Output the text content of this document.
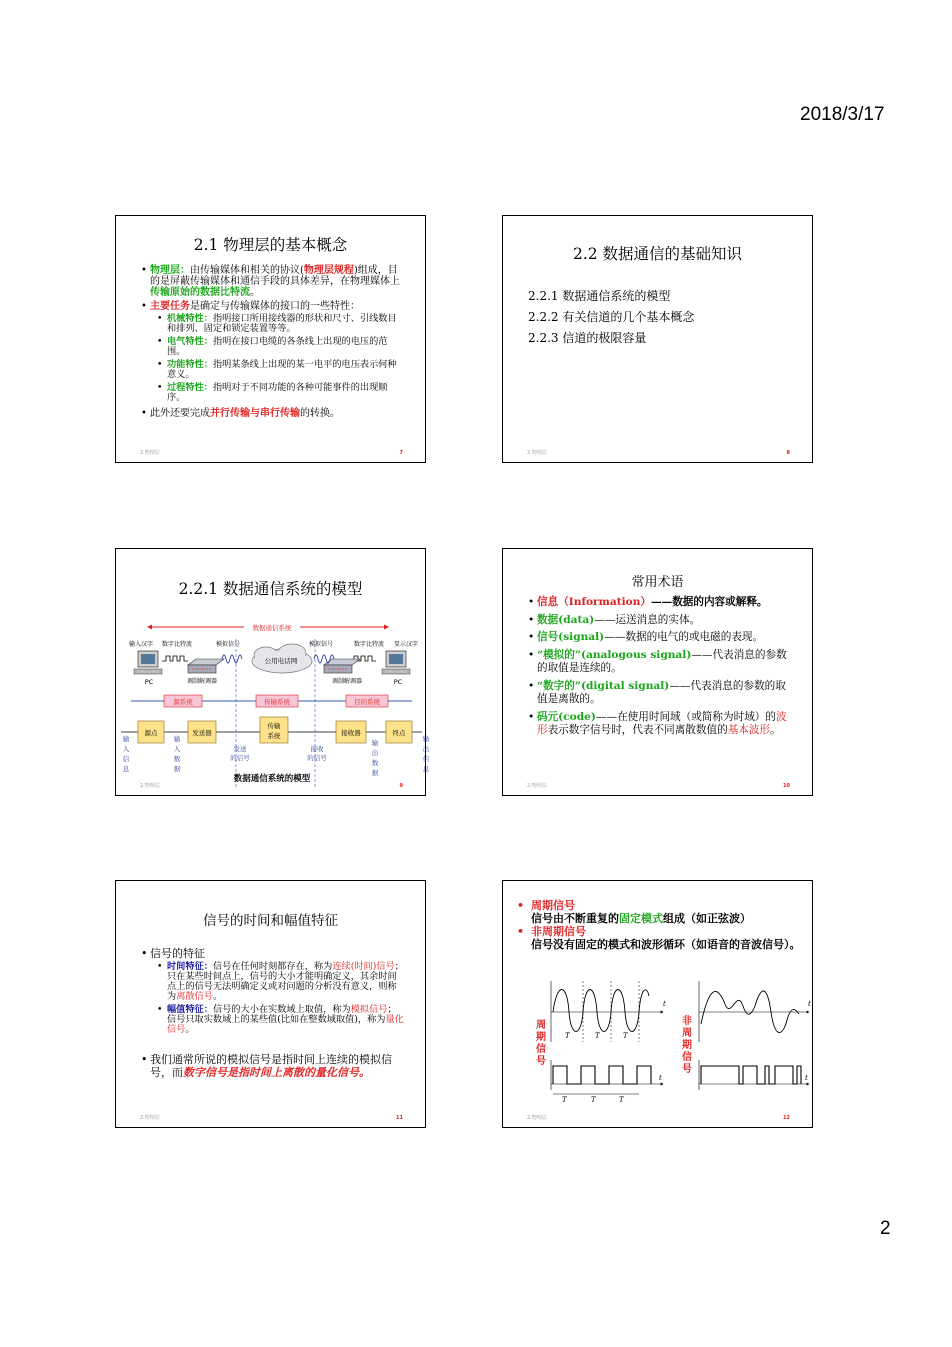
2018/3/17
2.1 物理层的基本概念
• 物理层：由传输媒体和相关的协议(物理层规程)组成，目的是屏蔽传输媒体和通信手段的具体差异，在物理媒体上传输原始的数据比特流。
• 主要任务是确定与传输媒体的接口的一些特性：
• 机械特性：指明接口所用接线器的形状和尺寸、引线数目和排列、固定和锁定装置等等。
• 电气特性：指明在接口电缆的各条线上出现的电压的范围。
• 功能特性：指明某条线上出现的某一电平的电压表示何种意义。
• 过程特性：指明对于不同功能的各种可能事件的出现顺序。
• 此外还要完成并行传输与串行传输的转换。
2.物理层	7
2.2 数据通信的基础知识
2.2.1 数据通信系统的模型
2.2.2 有关信道的几个基本概念
2.2.3 信道的极限容量
2.物理层	8
2.2.1 数据通信系统的模型
数据通信系统
输入汉字	显示汉字
数字比特流	模拟信号	模拟信号	数字比特流
PC	PC
调制解调器	调制解调器
公用电话网
源系统	传输系统	目的系统
源点	发送器
传输
系统	接收器	终点
输入信息
输入数据
输出数据
输出信息
发送
的信号
接收
的信号
数据通信系统的模型
2.物理层	9
常用术语
• 信息（Information）——数据的内容或解释。
• 数据(data)——运送消息的实体。
• 信号(signal)——数据的电气的或电磁的表现。
• “模拟的”(analogous signal)——代表消息的参数的取值是连续的。
• “数字的”(digital signal)——代表消息的参数的取值是离散的。
• 码元(code)——在使用时间域（或简称为时域）的波形表示数字信号时，代表不同离散数值的基本波形。
2.物理层	10
信号的时间和幅值特征
• 信号的特征
• 时间特征：信号在任何时刻都存在，称为连续(时间)信号；只在某些时间点上，信号的大小才能明确定义，其余时间点上的信号无法明确定义或对问题的分析没有意义，则称为离散信号。
• 幅值特征：信号的大小在实数域上取值，称为模拟信号；信号只取实数域上的某些值(比如在整数域取值)，称为量化信号。
• 我们通常所说的模拟信号是指时间上连续的模拟信号，而数字信号是指时间上离散的量化信号。
2.物理层	11
• 周期信号
信号由不断重复的固定模式组成（如正弦波）
• 非周期信号
信号没有固定的模式和波形循环（如语音的音波信号）。
周期信号
非周期信号
t
T	T	T
T	T	T
t
t
t
2.物理层	12
2
